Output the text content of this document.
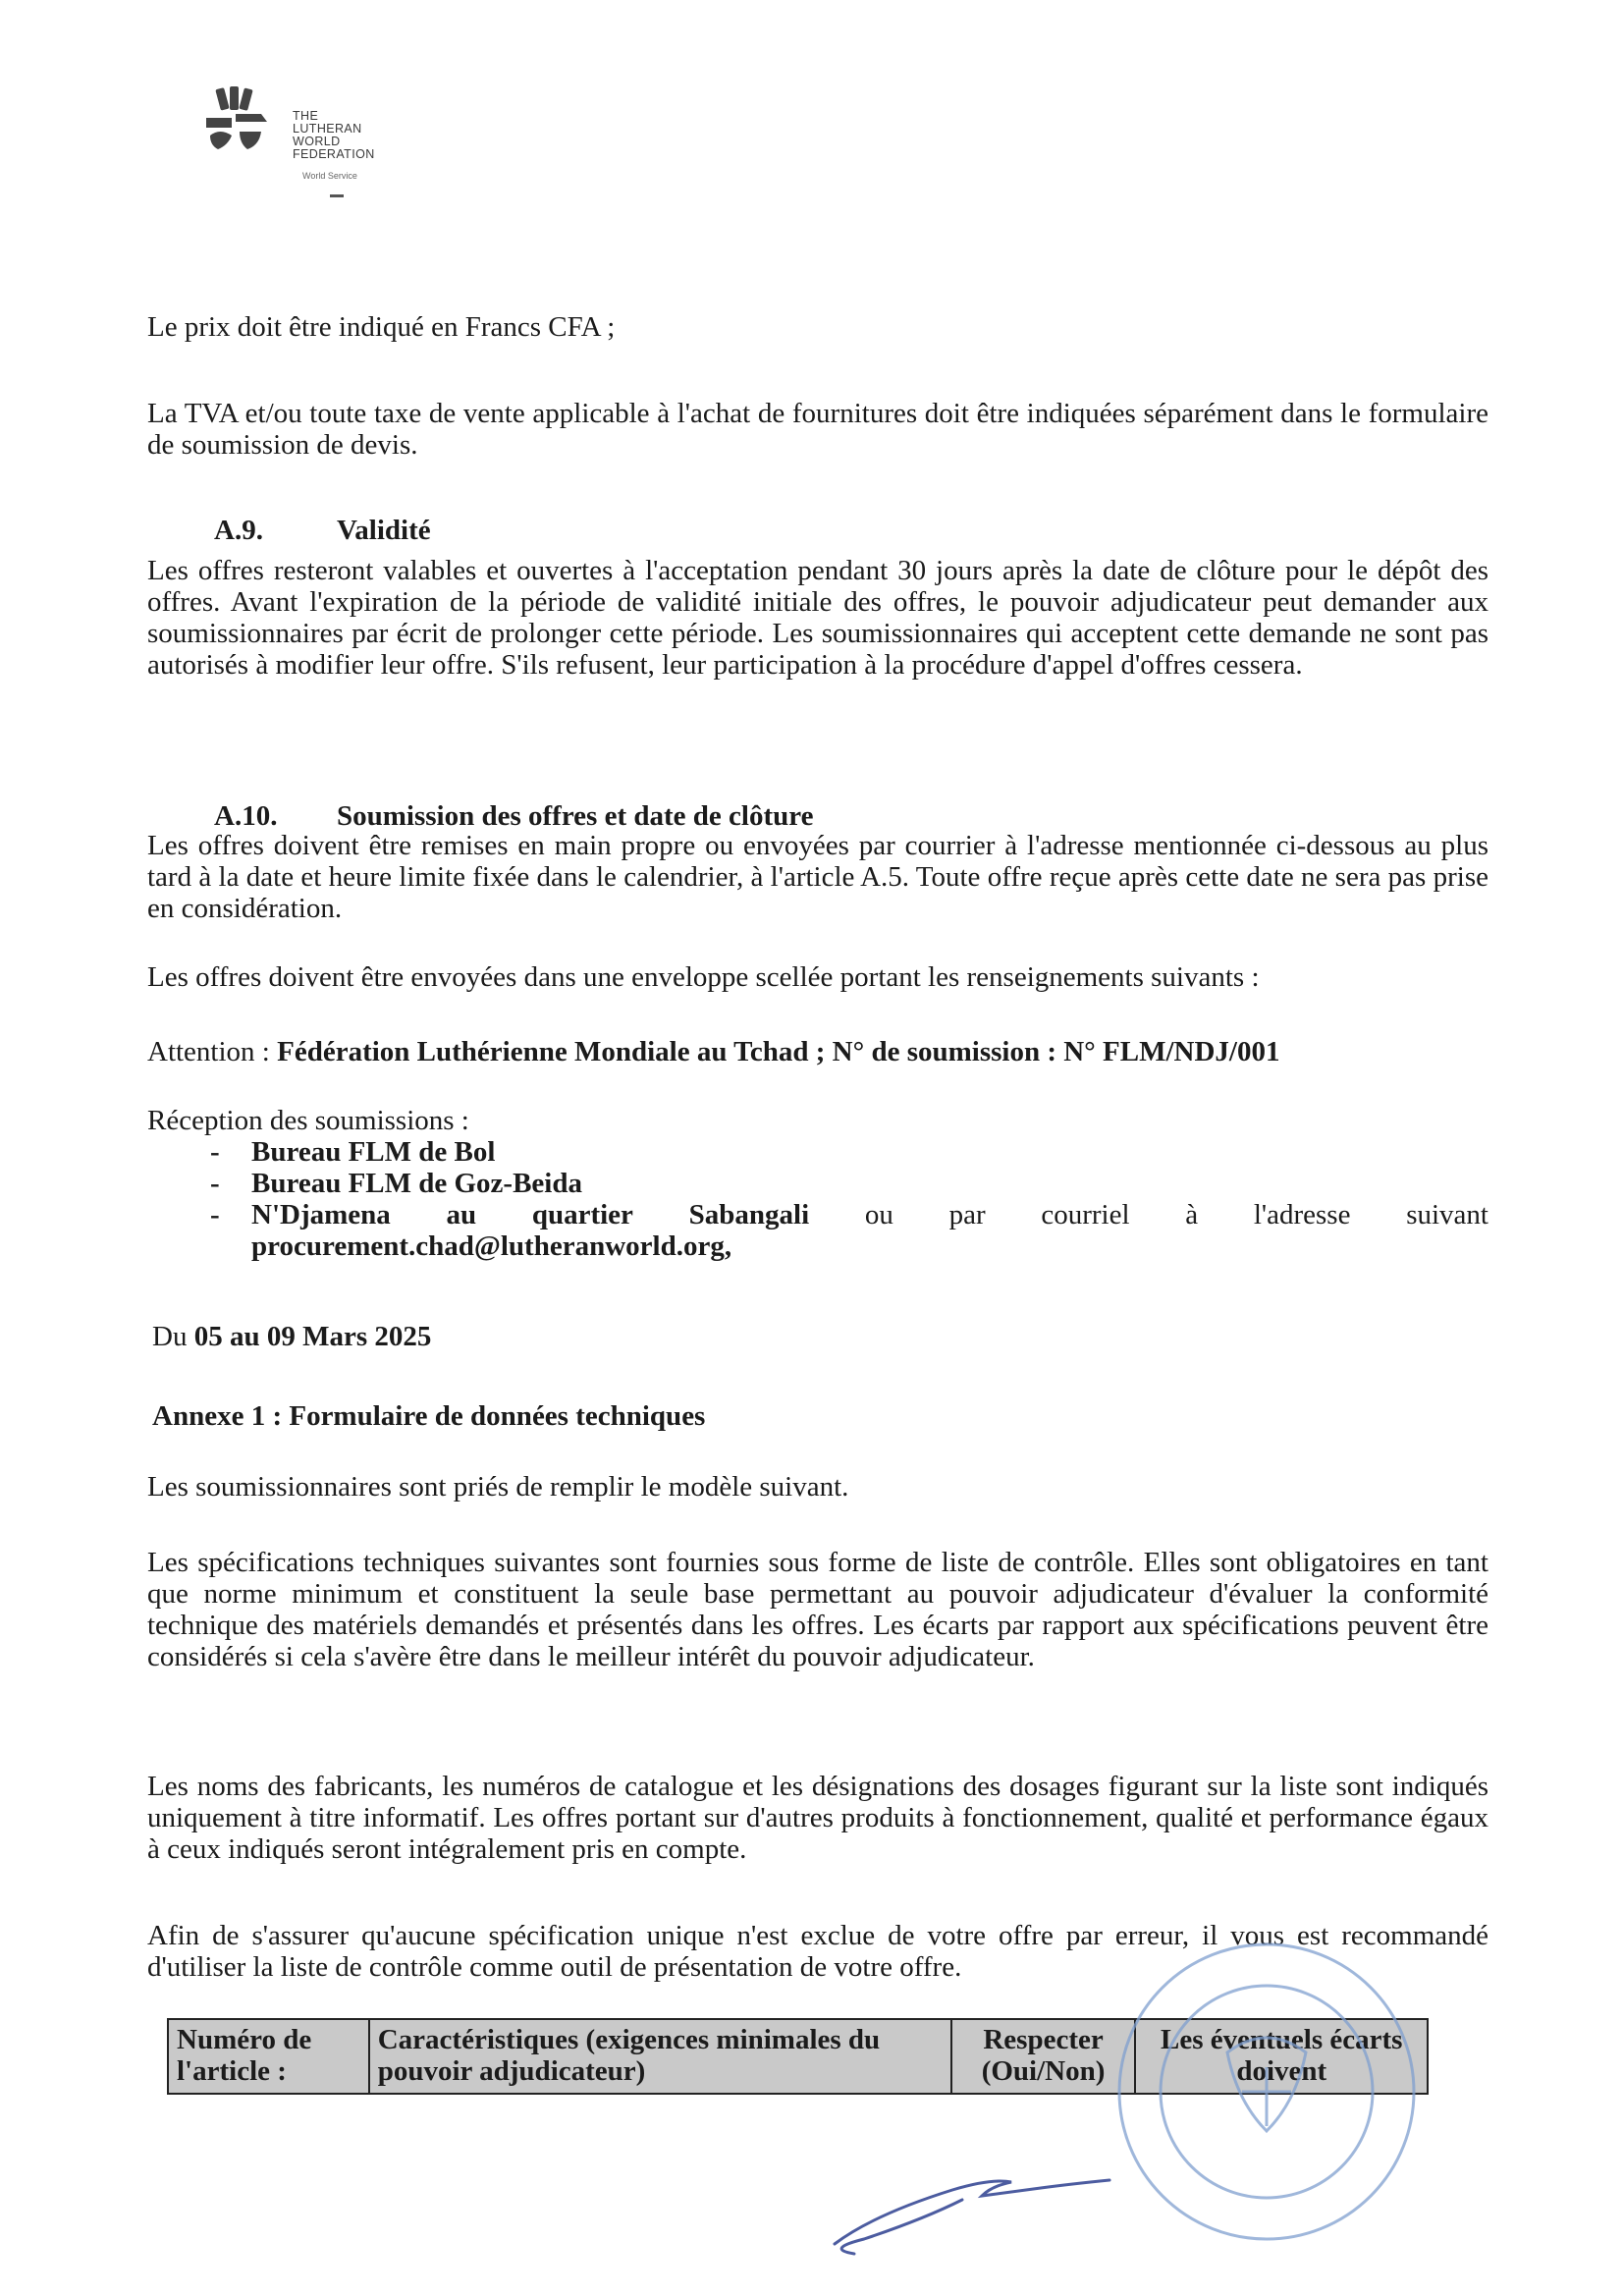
THE
LUTHERAN
WORLD
FEDERATION
World Service

Le prix doit être indiqué en Francs CFA ;

La TVA et/ou toute taxe de vente applicable à l'achat de fournitures doit être indiquées séparément dans le formulaire de soumission de devis.

A.9.	Validité

Les offres resteront valables et ouvertes à l'acceptation pendant 30 jours après la date de clôture pour le dépôt des offres. Avant l'expiration de la période de validité initiale des offres, le pouvoir adjudicateur peut demander aux soumissionnaires par écrit de prolonger cette période. Les soumissionnaires qui acceptent cette demande ne sont pas autorisés à modifier leur offre. S'ils refusent, leur participation à la procédure d'appel d'offres cessera.

A.10. Soumission des offres et date de clôture

Les offres doivent être remises en main propre ou envoyées par courrier à l'adresse mentionnée ci-dessous au plus tard à la date et heure limite fixée dans le calendrier, à l'article A.5. Toute offre reçue après cette date ne sera pas prise en considération.

Les offres doivent être envoyées dans une enveloppe scellée portant les renseignements suivants :

Attention : Fédération Luthérienne Mondiale au Tchad ; N° de soumission : N° FLM/NDJ/001

Réception des soumissions :

- Bureau FLM de Bol
- Bureau FLM de Goz-Beida
- N'Djamena au quartier Sabangali ou par courriel à l'adresse suivant
procurement.chad@lutheranworld.org,

Du 05 au 09 Mars 2025

Annexe 1 : Formulaire de données techniques

Les soumissionnaires sont priés de remplir le modèle suivant.

Les spécifications techniques suivantes sont fournies sous forme de liste de contrôle. Elles sont obligatoires en tant que norme minimum et constituent la seule base permettant au pouvoir adjudicateur d'évaluer la conformité technique des matériels demandés et présentés dans les offres. Les écarts par rapport aux spécifications peuvent être considérés si cela s'avère être dans le meilleur intérêt du pouvoir adjudicateur.

Les noms des fabricants, les numéros de catalogue et les désignations des dosages figurant sur la liste sont indiqués uniquement à titre informatif. Les offres portant sur d'autres produits à fonctionnement, qualité et performance égaux à ceux indiqués seront intégralement pris en compte.

Afin de s'assurer qu'aucune spécification unique n'est exclue de votre offre par erreur, il vous est recommandé d'utiliser la liste de contrôle comme outil de présentation de votre offre.

Numéro de l'article :	Caractéristiques (exigences minimales du pouvoir adjudicateur)	Respecter (Oui/Non)	Les éventuels écarts doivent
